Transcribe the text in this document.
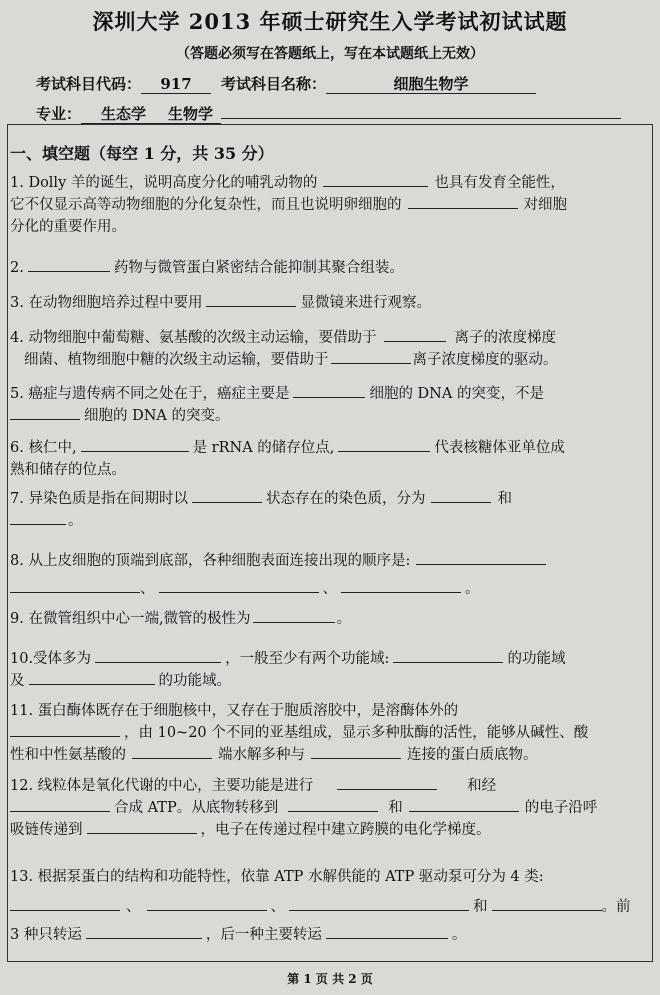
深圳大学 2013 年硕士研究生入学考试初试试题
（答题必须写在答题纸上，写在本试题纸上无效）
考试科目代码： 917 考试科目名称：	细胞生物学
专业： 生态学 生物学
一、填空题（每空 1 分，共 35 分）
1. Dolly 羊的诞生，说明高度分化的哺乳动物的	也具有发育全能性，
它不仅显示高等动物细胞的分化复杂性，而且也说明卵细胞的	对细胞
分化的重要作用。
2.	药物与微管蛋白紧密结合能抑制其聚合组装。
3. 在动物细胞培养过程中要用	显微镜来进行观察。
4. 动物细胞中葡萄糖、氨基酸的次级主动运输，要借助于	离子的浓度梯度
细菌、植物细胞中糖的次级主动运输，要借助于	离子浓度梯度的驱动。
5. 癌症与遗传病不同之处在于，癌症主要是	细胞的 DNA 的突变，不是
细胞的 DNA 的突变。
6. 核仁中,	是 rRNA 的储存位点,	代表核糖体亚单位成
熟和储存的位点。
7. 异染色质是指在间期时以	状态存在的染色质，分为	和
。
8. 从上皮细胞的顶端到底部，各种细胞表面连接出现的顺序是:
、	、	。
9. 在微管组织中心一端,微管的极性为	。
10.受体多为	，一般至少有两个功能域:	的功能域
及	的功能域。
11. 蛋白酶体既存在于细胞核中，又存在于胞质溶胶中，是溶酶体外的
，由 10~20 个不同的亚基组成，显示多种肽酶的活性，能够从碱性、酸
性和中性氨基酸的	端水解多种与	连接的蛋白质底物。
12. 线粒体是氧化代谢的中心，主要功能是进行	和经
合成 ATP。从底物转移到	和	的电子沿呼
吸链传递到	，电子在传递过程中建立跨膜的电化学梯度。
13. 根据泵蛋白的结构和功能特性，依靠 ATP 水解供能的 ATP 驱动泵可分为 4 类:
、	、	和	。前
3 种只转运	，后一种主要转运	。
第 1 页 共 2 页
